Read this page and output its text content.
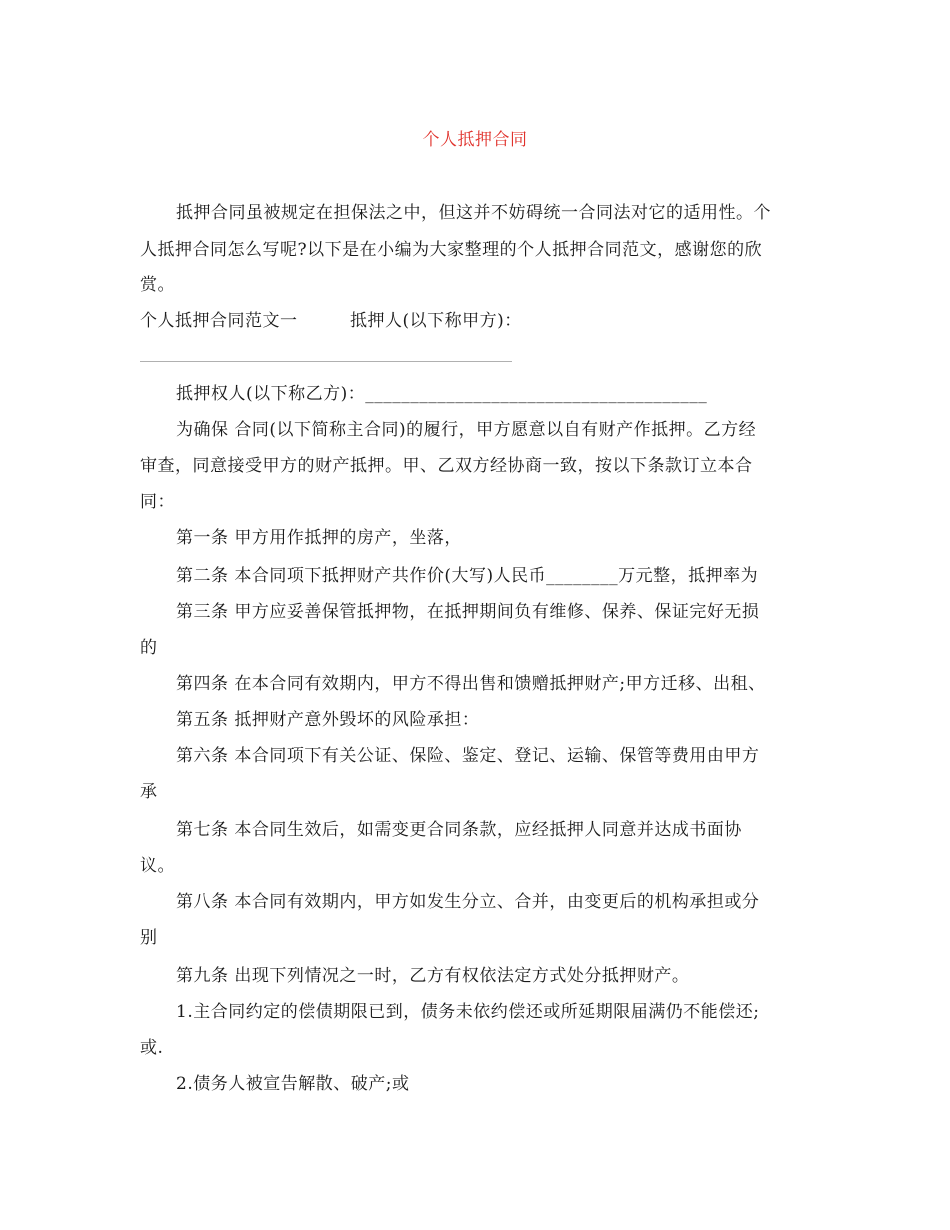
个人抵押合同
抵押合同虽被规定在担保法之中，但这并不妨碍统一合同法对它的适用性。个
人抵押合同怎么写呢?以下是在小编为大家整理的个人抵押合同范文，感谢您的欣
赏。
个人抵押合同范文一　　　抵押人(以下称甲方)：
抵押权人(以下称乙方)：______________________________________
为确保 合同(以下简称主合同)的履行，甲方愿意以自有财产作抵押。乙方经
审查，同意接受甲方的财产抵押。甲、乙双方经协商一致，按以下条款订立本合
同：
第一条 甲方用作抵押的房产，坐落，
第二条 本合同项下抵押财产共作价(大写)人民币________万元整，抵押率为
第三条 甲方应妥善保管抵押物，在抵押期间负有维修、保养、保证完好无损
的
第四条 在本合同有效期内，甲方不得出售和馈赠抵押财产;甲方迁移、出租、
第五条 抵押财产意外毁坏的风险承担：
第六条 本合同项下有关公证、保险、鉴定、登记、运输、保管等费用由甲方
承
第七条 本合同生效后，如需变更合同条款，应经抵押人同意并达成书面协
议。
第八条 本合同有效期内，甲方如发生分立、合并，由变更后的机构承担或分
别
第九条 出现下列情况之一时，乙方有权依法定方式处分抵押财产。
1.主合同约定的偿债期限已到，债务未依约偿还或所延期限届满仍不能偿还;
或.
2.债务人被宣告解散、破产;或
